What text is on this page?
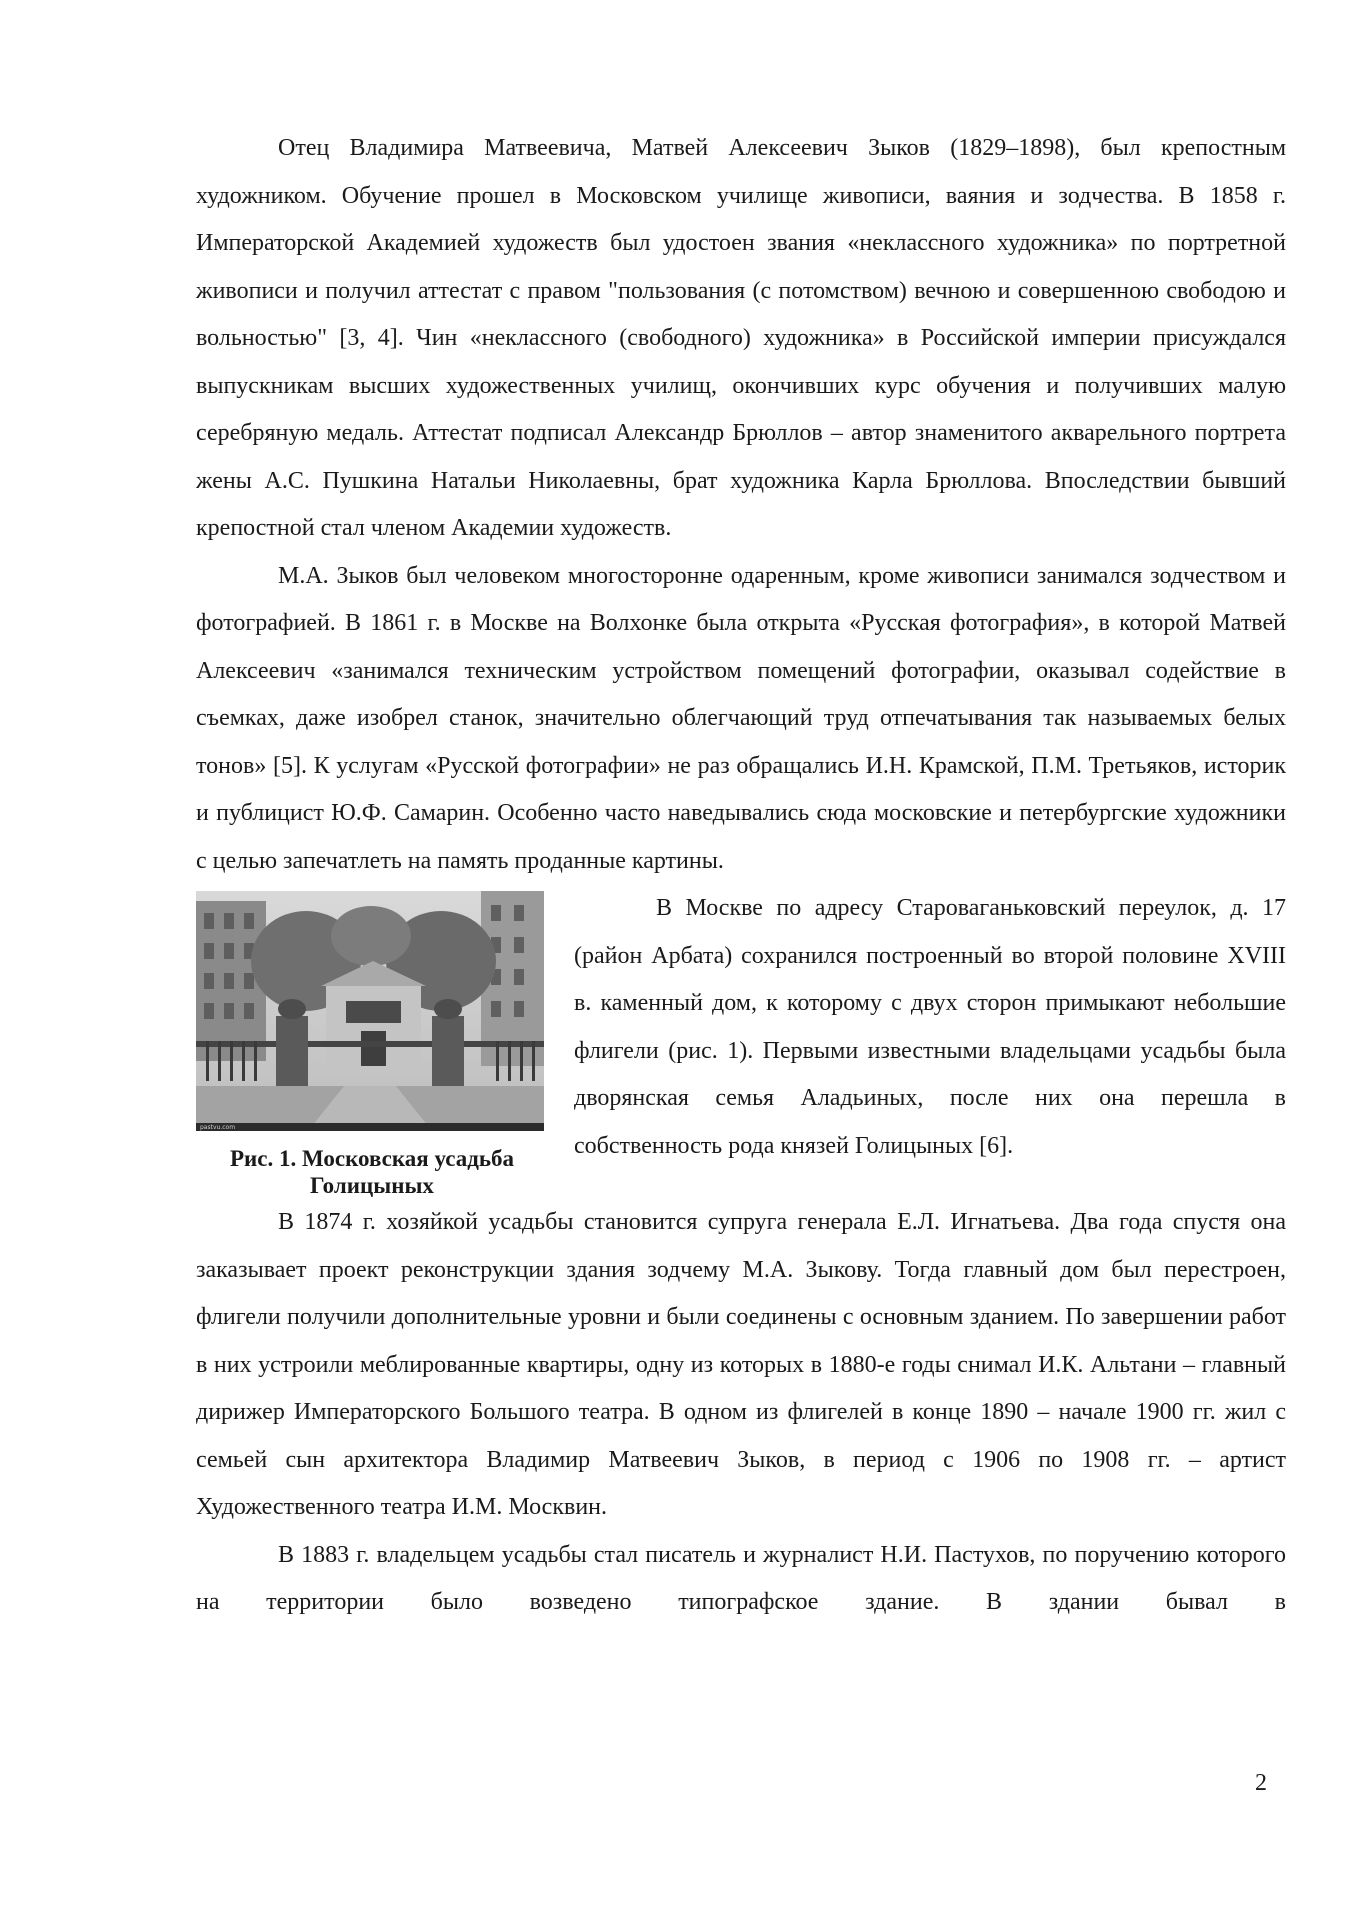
Отец Владимира Матвеевича, Матвей Алексеевич Зыков (1829–1898), был крепостным художником. Обучение прошел в Московском училище живописи, ваяния и зодчества. В 1858 г. Императорской Академией художеств был удостоен звания «неклассного художника» по портретной живописи и получил аттестат с правом "пользования (с потомством) вечною и совершенною свободою и вольностью" [3, 4]. Чин «неклассного (свободного) художника» в Российской империи присуждался выпускникам высших художественных училищ, окончивших курс обучения и получивших малую серебряную медаль. Аттестат подписал Александр Брюллов – автор знаменитого акварельного портрета жены А.С. Пушкина Натальи Николаевны, брат художника Карла Брюллова. Впоследствии бывший крепостной стал членом Академии художеств.

М.А. Зыков был человеком многосторонне одаренным, кроме живописи занимался зодчеством и фотографией. В 1861 г. в Москве на Волхонке была открыта «Русская фотография», в которой Матвей Алексеевич «занимался техническим устройством помещений фотографии, оказывал содействие в съемках, даже изобрел станок, значительно облегчающий труд отпечатывания так называемых белых тонов» [5]. К услугам «Русской фотографии» не раз обращались И.Н. Крамской, П.М. Третьяков, историк и публицист Ю.Ф. Самарин. Особенно часто наведывались сюда московские и петербургские художники с целью запечатлеть на память проданные картины.

pastvu.com
Рис. 1. Московская усадьба Голицыных

В Москве по адресу Староваганьковский переулок, д. 17 (район Арбата) сохранился построенный во второй половине XVIII в. каменный дом, к которому с двух сторон примыкают небольшие флигели (рис. 1). Первыми известными владельцами усадьбы была дворянская семья Аладьиных, после них она перешла в собственность рода князей Голицыных [6].

В 1874 г. хозяйкой усадьбы становится супруга генерала Е.Л. Игнатьева. Два года спустя она заказывает проект реконструкции здания зодчему М.А. Зыкову. Тогда главный дом был перестроен, флигели получили дополнительные уровни и были соединены с основным зданием. По завершении работ в них устроили меблированные квартиры, одну из которых в 1880-е годы снимал И.К. Альтани – главный дирижер Императорского Большого театра. В одном из флигелей в конце 1890 – начале 1900 гг. жил с семьей сын архитектора Владимир Матвеевич Зыков, в период с 1906 по 1908 гг. – артист Художественного театра И.М. Москвин.

В 1883 г. владельцем усадьбы стал писатель и журналист Н.И. Пастухов, по поручению которого на территории было возведено типографское здание. В здании бывал в

2
